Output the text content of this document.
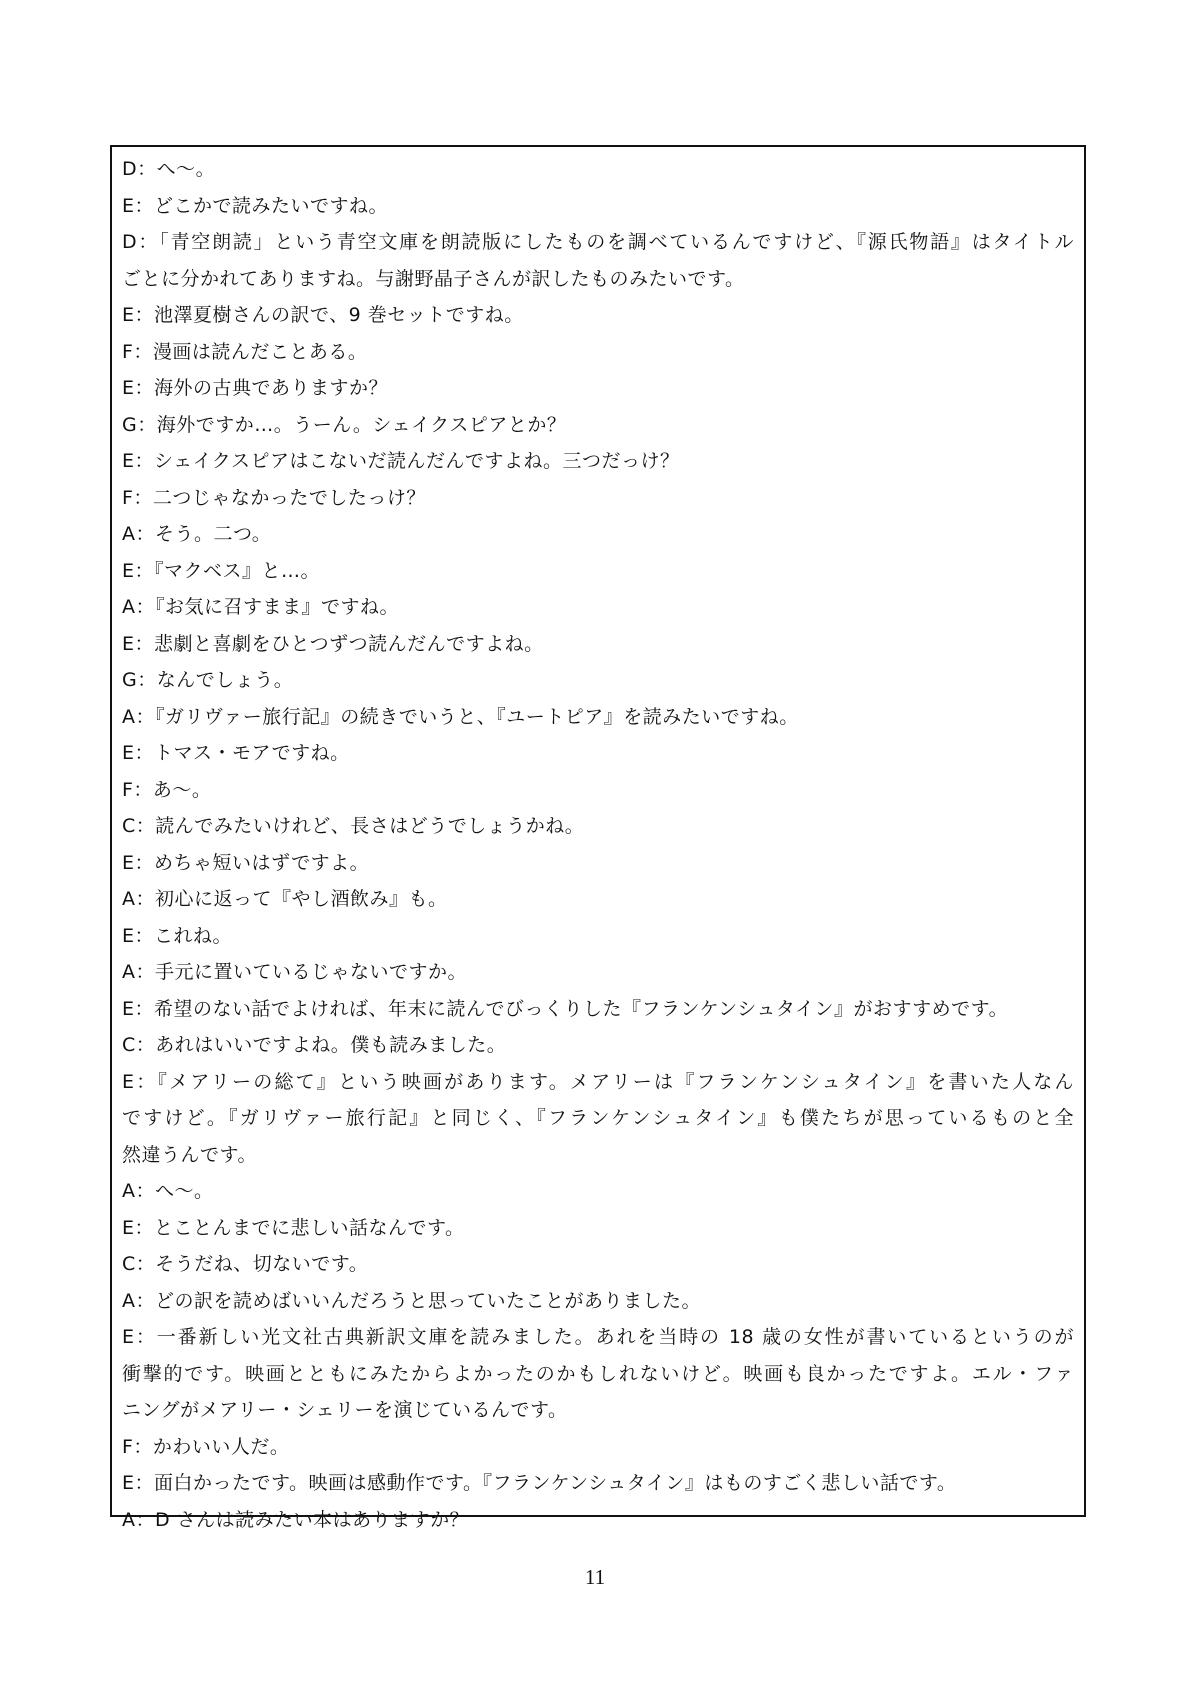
D：へ～。
E：どこかで読みたいですね。
D：「青空朗読」という青空文庫を朗読版にしたものを調べているんですけど、『源氏物語』はタイトル
ごとに分かれてありますね。与謝野晶子さんが訳したものみたいです。
E：池澤夏樹さんの訳で、9 巻セットですね。
F：漫画は読んだことある。
E：海外の古典でありますか？
G：海外ですか…。うーん。シェイクスピアとか？
E：シェイクスピアはこないだ読んだんですよね。三つだっけ？
F：二つじゃなかったでしたっけ？
A：そう。二つ。
E：『マクベス』と…。
A：『お気に召すまま』ですね。
E：悲劇と喜劇をひとつずつ読んだんですよね。
G：なんでしょう。
A：『ガリヴァー旅行記』の続きでいうと、『ユートピア』を読みたいですね。
E：トマス・モアですね。
F：あ～。
C：読んでみたいけれど、長さはどうでしょうかね。
E：めちゃ短いはずですよ。
A：初心に返って『やし酒飲み』も。
E：これね。
A：手元に置いているじゃないですか。
E：希望のない話でよければ、年末に読んでびっくりした『フランケンシュタイン』がおすすめです。
C：あれはいいですよね。僕も読みました。
E：『メアリーの総て』という映画があります。メアリーは『フランケンシュタイン』を書いた人なん
ですけど。『ガリヴァー旅行記』と同じく、『フランケンシュタイン』も僕たちが思っているものと全
然違うんです。
A：へ～。
E：とことんまでに悲しい話なんです。
C：そうだね、切ないです。
A：どの訳を読めばいいんだろうと思っていたことがありました。
E：一番新しい光文社古典新訳文庫を読みました。あれを当時の 18 歳の女性が書いているというのが
衝撃的です。映画とともにみたからよかったのかもしれないけど。映画も良かったですよ。エル・ファ
ニングがメアリー・シェリーを演じているんです。
F：かわいい人だ。
E：面白かったです。映画は感動作です。『フランケンシュタイン』はものすごく悲しい話です。
A：D さんは読みたい本はありますか？
11
